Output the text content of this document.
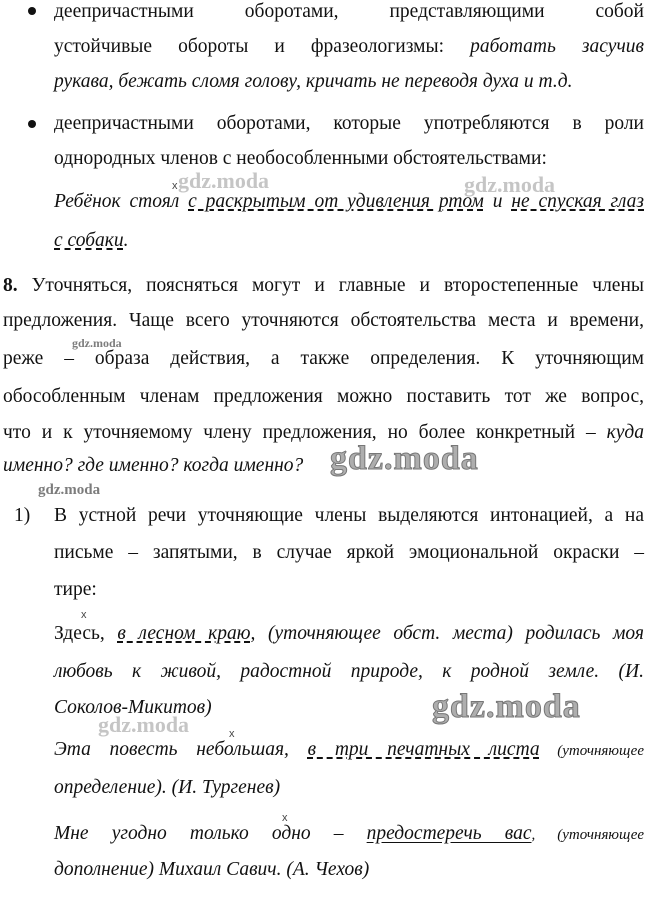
деепричастными оборотами, представляющими собой
устойчивые обороты и фразеологизмы: работать засучив
рукава, бежать сломя голову, кричать не переводя духа и т.д.
деепричастными оборотами, которые употребляются в роли
однородных членов с необособленными обстоятельствами:
Ребёнок стоял с раскрытым от удивления ртом и не спуская глаз
с собаки.
8. Уточняться, поясняться могут и главные и второстепенные члены
предложения. Чаще всего уточняются обстоятельства места и времени,
реже – образа действия, а также определения. К уточняющим
обособленным членам предложения можно поставить тот же вопрос,
что и к уточняемому члену предложения, но более конкретный – куда
именно? где именно? когда именно?
1) В устной речи уточняющие члены выделяются интонацией, а на
письме – запятыми, в случае яркой эмоциональной окраски –
тире:
Здесь, в лесном краю, (уточняющее обст. места) родилась моя
любовь к живой, радостной природе, к родной земле. (И.
Соколов-Микитов)
Эта повесть небольшая, в три печатных листа (уточняющее
определение). (И. Тургенев)
Мне угодно только одно – предостеречь вас, (уточняющее
дополнение) Михаил Савич. (А. Чехов)
gdz.moda	gdz.moda
gdz.moda
gdz.moda
gdz.moda
gdz.moda	gdz.moda
x
x
x
x
